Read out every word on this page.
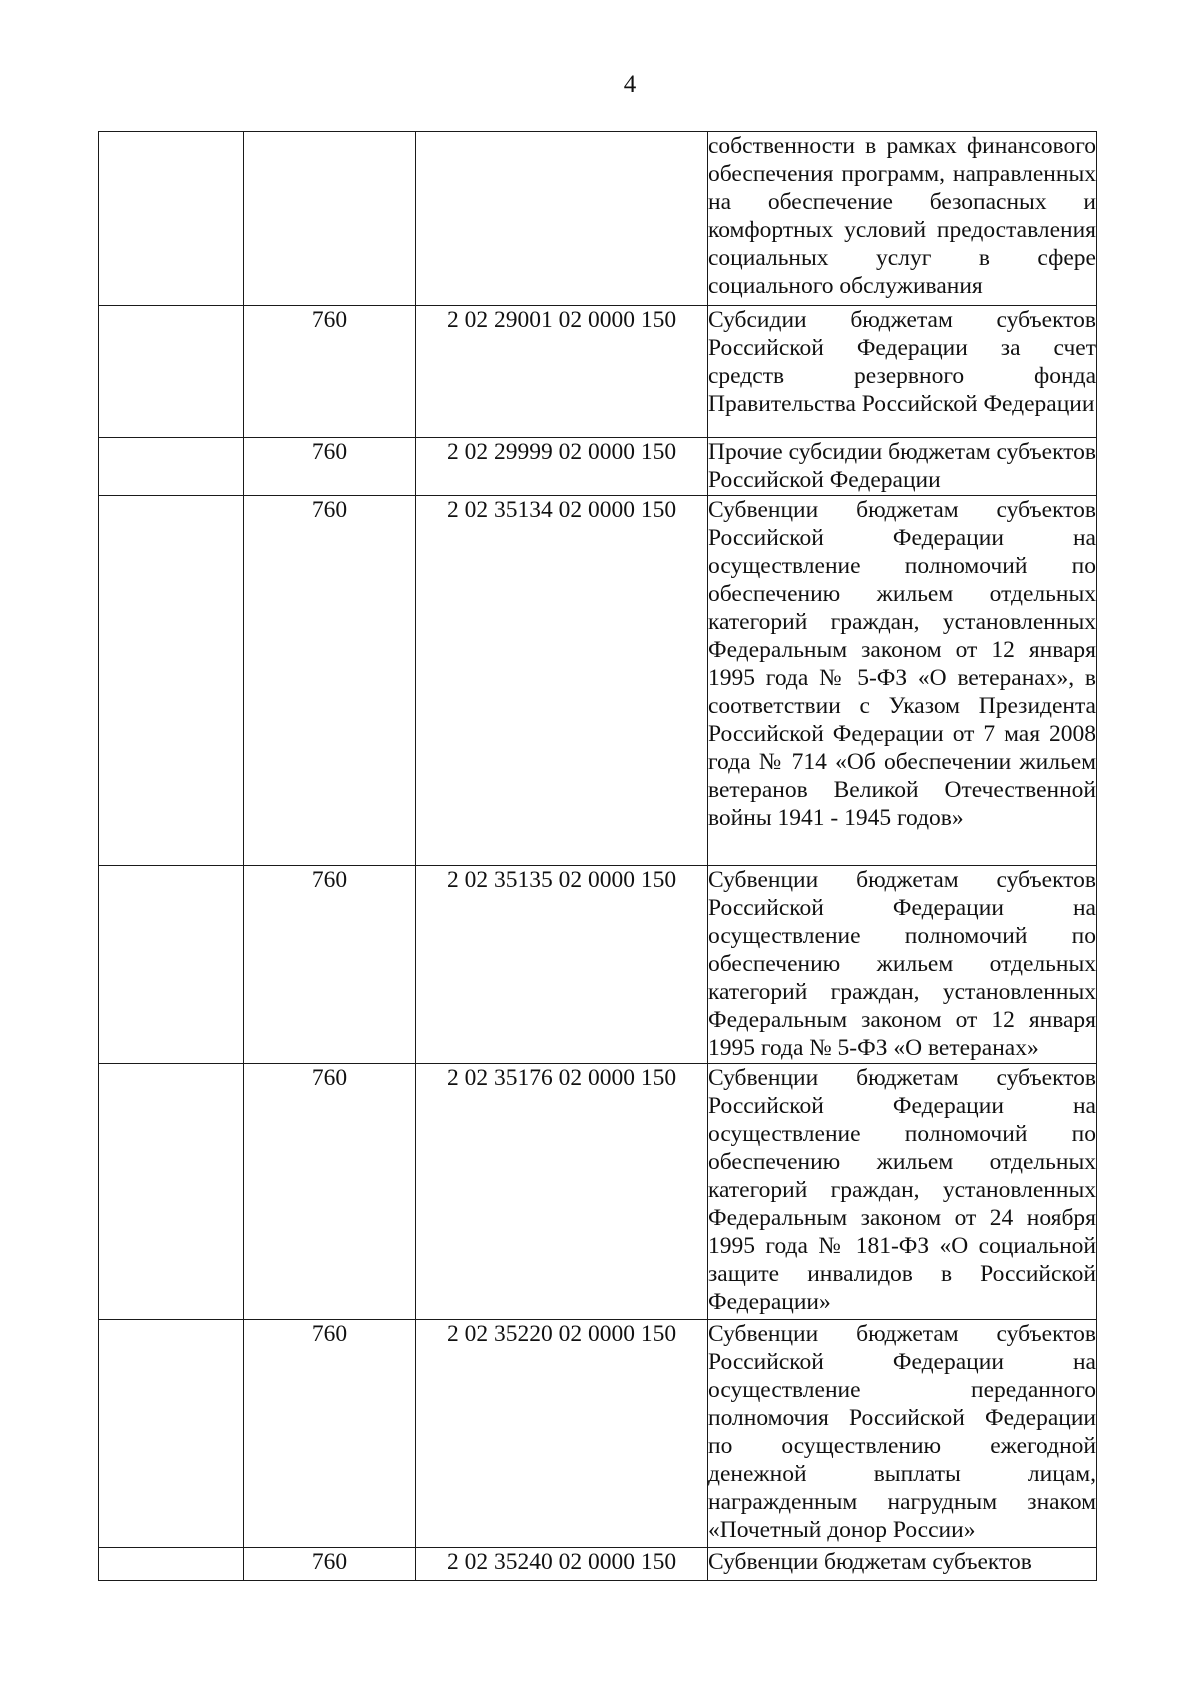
4

			собственности в рамках финансового обеспечения программ, направленных на обеспечение безопасных и комфортных условий предоставления социальных услуг в сфере социального обслуживания

	760	2 02 29001 02 0000 150	Субсидии бюджетам субъектов Российской Федерации за счет средств резервного фонда Правительства Российской Федерации

	760	2 02 29999 02 0000 150	Прочие субсидии бюджетам субъектов Российской Федерации

	760	2 02 35134 02 0000 150	Субвенции бюджетам субъектов Российской Федерации на осуществление полномочий по обеспечению жильем отдельных категорий граждан, установленных Федеральным законом от 12 января 1995 года № 5-ФЗ «О ветеранах», в соответствии с Указом Президента Российской Федерации от 7 мая 2008 года № 714 «Об обеспечении жильем ветеранов Великой Отечественной войны 1941 - 1945 годов»

	760	2 02 35135 02 0000 150	Субвенции бюджетам субъектов Российской Федерации на осуществление полномочий по обеспечению жильем отдельных категорий граждан, установленных Федеральным законом от 12 января 1995 года № 5-ФЗ «О ветеранах»

	760	2 02 35176 02 0000 150	Субвенции бюджетам субъектов Российской Федерации на осуществление полномочий по обеспечению жильем отдельных категорий граждан, установленных Федеральным законом от 24 ноября 1995 года № 181-ФЗ «О социальной защите инвалидов в Российской Федерации»

	760	2 02 35220 02 0000 150	Субвенции бюджетам субъектов Российской Федерации на осуществление переданного полномочия Российской Федерации по осуществлению ежегодной денежной выплаты лицам, награжденным нагрудным знаком «Почетный донор России»

	760	2 02 35240 02 0000 150	Субвенции бюджетам субъектов
